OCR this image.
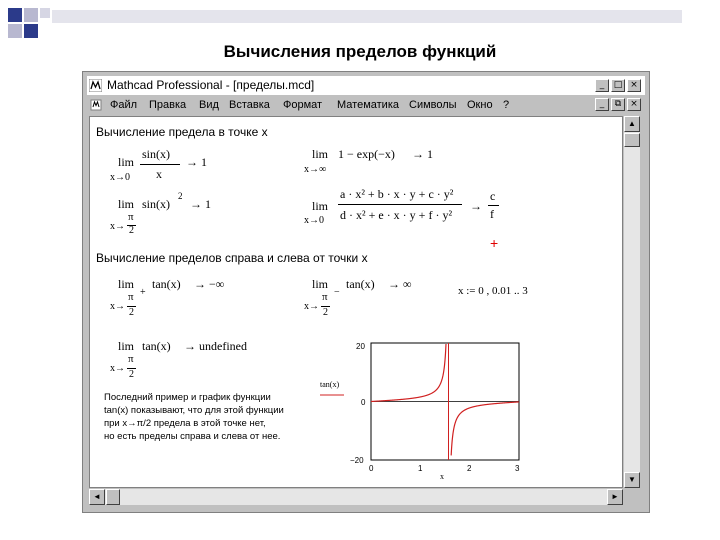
Вычисления пределов функций
Mathcad Professional - [пределы.mcd]	_	□ ×
Файл Правка Вид Вставка Формат Математика Символы Окно ?	_	⧉	×
Вычисление предела в точке x
lim
x→0
sin(x)
x
→ 1
lim
x→∞
1 − exp(−x) → 1
lim sin(x)
2
→ 1
x→
π
2
lim
x→0
a · x² + b · x · y + c · y²
d · x² + e · x · y + f · y²
→
c
f
+
Вычисление пределов справа и слева от точки x
lim
+
tan(x) → −∞
x→
π
2
lim
−
tan(x) → ∞
x→
π
2
x := 0 , 0.01 .. 3
lim tan(x) → undefined
x→
π
2
Последний пример и график функции
tan(x) показывают, что для этой функции
при x→π/2 предела в этой точке нет,
но есть пределы справа и слева от нее.
20
0
−20
tan(x)
0	1	2	3
x
▲
▼
◄	►
